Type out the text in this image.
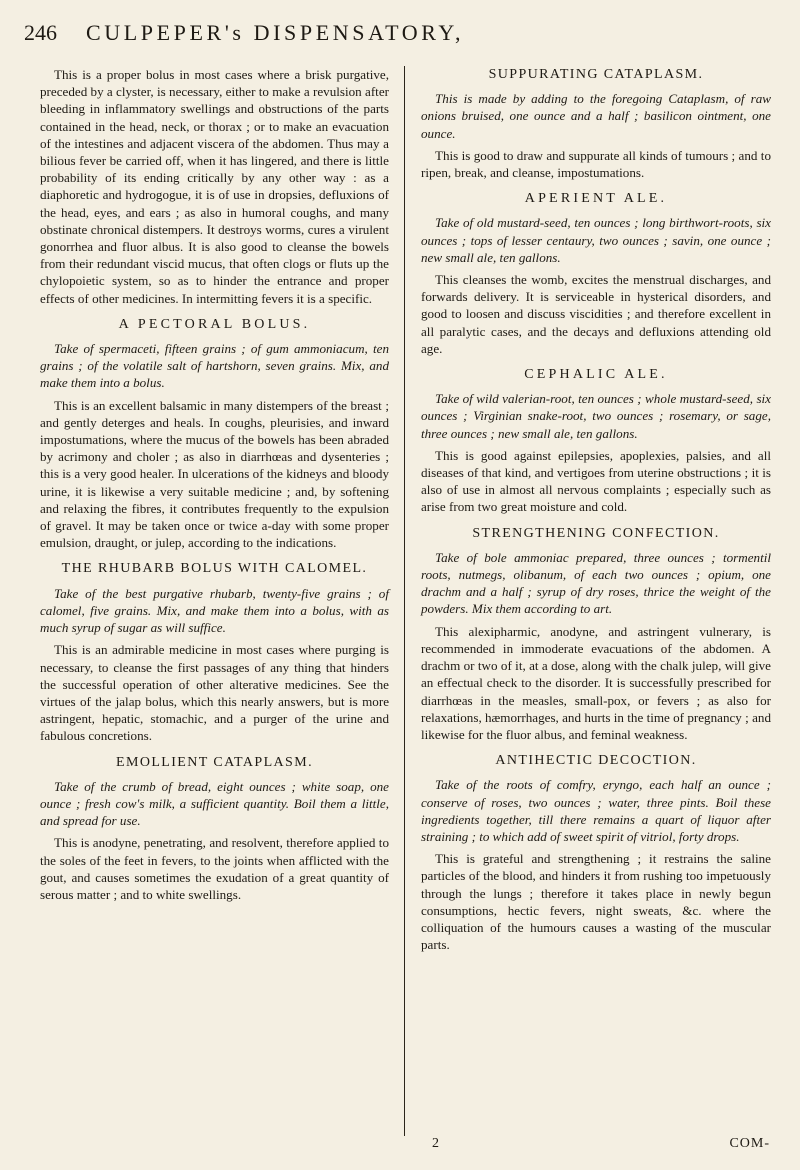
246 CULPEPER's DISPENSATORY,

This is a proper bolus in most cases where a brisk purgative, preceded by a clyster, is necessary, either to make a revulsion after bleeding in inflammatory swellings and obstructions of the parts contained in the head, neck, or thorax ; or to make an evacuation of the intestines and adjacent viscera of the abdomen. Thus may a bilious fever be carried off, when it has lingered, and there is little probability of its ending critically by any other way : as a diaphoretic and hydrogogue, it is of use in dropsies, defluxions of the head, eyes, and ears ; as also in humoral coughs, and many obstinate chronical distempers. It destroys worms, cures a virulent gonorrhea and fluor albus. It is also good to cleanse the bowels from their redundant viscid mucus, that often clogs or fluts up the chylopoietic system, so as to hinder the entrance and proper effects of other medicines. In intermitting fevers it is a specific.

A PECTORAL BOLUS.

Take of spermaceti, fifteen grains ; of gum ammoniacum, ten grains ; of the volatile salt of hartshorn, seven grains. Mix, and make them into a bolus.

This is an excellent balsamic in many distempers of the breast ; and gently deterges and heals. In coughs, pleurisies, and inward impostumations, where the mucus of the bowels has been abraded by acrimony and choler ; as also in diarrhœas and dysenteries ; this is a very good healer. In ulcerations of the kidneys and bloody urine, it is likewise a very suitable medicine ; and, by softening and relaxing the fibres, it contributes frequently to the expulsion of gravel. It may be taken once or twice a-day with some proper emulsion, draught, or julep, according to the indications.

THE RHUBARB BOLUS WITH CALOMEL.

Take of the best purgative rhubarb, twenty-five grains ; of calomel, five grains. Mix, and make them into a bolus, with as much syrup of sugar as will suffice.

This is an admirable medicine in most cases where purging is necessary, to cleanse the first passages of any thing that hinders the successful operation of other alterative medicines. See the virtues of the jalap bolus, which this nearly answers, but is more astringent, hepatic, stomachic, and a purger of the urine and fabulous concretions.

EMOLLIENT CATAPLASM.

Take of the crumb of bread, eight ounces ; white soap, one ounce ; fresh cow's milk, a sufficient quantity. Boil them a little, and spread for use.

This is anodyne, penetrating, and resolvent, therefore applied to the soles of the feet in fevers, to the joints when afflicted with the gout, and causes sometimes the exudation of a great quantity of serous matter ; and to white swellings.

SUPPURATING CATAPLASM.

This is made by adding to the foregoing Cataplasm, of raw onions bruised, one ounce and a half ; basilicon ointment, one ounce.

This is good to draw and suppurate all kinds of tumours ; and to ripen, break, and cleanse, impostumations.

APERIENT ALE.

Take of old mustard-seed, ten ounces ; long birthwort-roots, six ounces ; tops of lesser centaury, two ounces ; savin, one ounce ; new small ale, ten gallons.

This cleanses the womb, excites the menstrual discharges, and forwards delivery. It is serviceable in hysterical disorders, and good to loosen and discuss viscidities ; and therefore excellent in all paralytic cases, and the decays and defluxions attending old age.

CEPHALIC ALE.

Take of wild valerian-root, ten ounces ; whole mustard-seed, six ounces ; Virginian snake-root, two ounces ; rosemary, or sage, three ounces ; new small ale, ten gallons.

This is good against epilepsies, apoplexies, palsies, and all diseases of that kind, and vertigoes from uterine obstructions ; it is also of use in almost all nervous complaints ; especially such as arise from two great moisture and cold.

STRENGTHENING CONFECTION.

Take of bole ammoniac prepared, three ounces ; tormentil roots, nutmegs, olibanum, of each two ounces ; opium, one drachm and a half ; syrup of dry roses, thrice the weight of the powders. Mix them according to art.

This alexipharmic, anodyne, and astringent vulnerary, is recommended in immoderate evacuations of the abdomen. A drachm or two of it, at a dose, along with the chalk julep, will give an effectual check to the disorder. It is successfully prescribed for diarrhœas in the measles, small-pox, or fevers ; as also for relaxations, hæmorrhages, and hurts in the time of pregnancy ; and likewise for the fluor albus, and feminal weakness.

ANTIHECTIC DECOCTION.

Take of the roots of comfry, eryngo, each half an ounce ; conserve of roses, two ounces ; water, three pints. Boil these ingredients together, till there remains a quart of liquor after straining ; to which add of sweet spirit of vitriol, forty drops.

This is grateful and strengthening ; it restrains the saline particles of the blood, and hinders it from rushing too impetuously through the lungs ; therefore it takes place in newly begun consumptions, hectic fevers, night sweats, &c. where the colliquation of the humours causes a wasting of the muscular parts.

2	COM-
